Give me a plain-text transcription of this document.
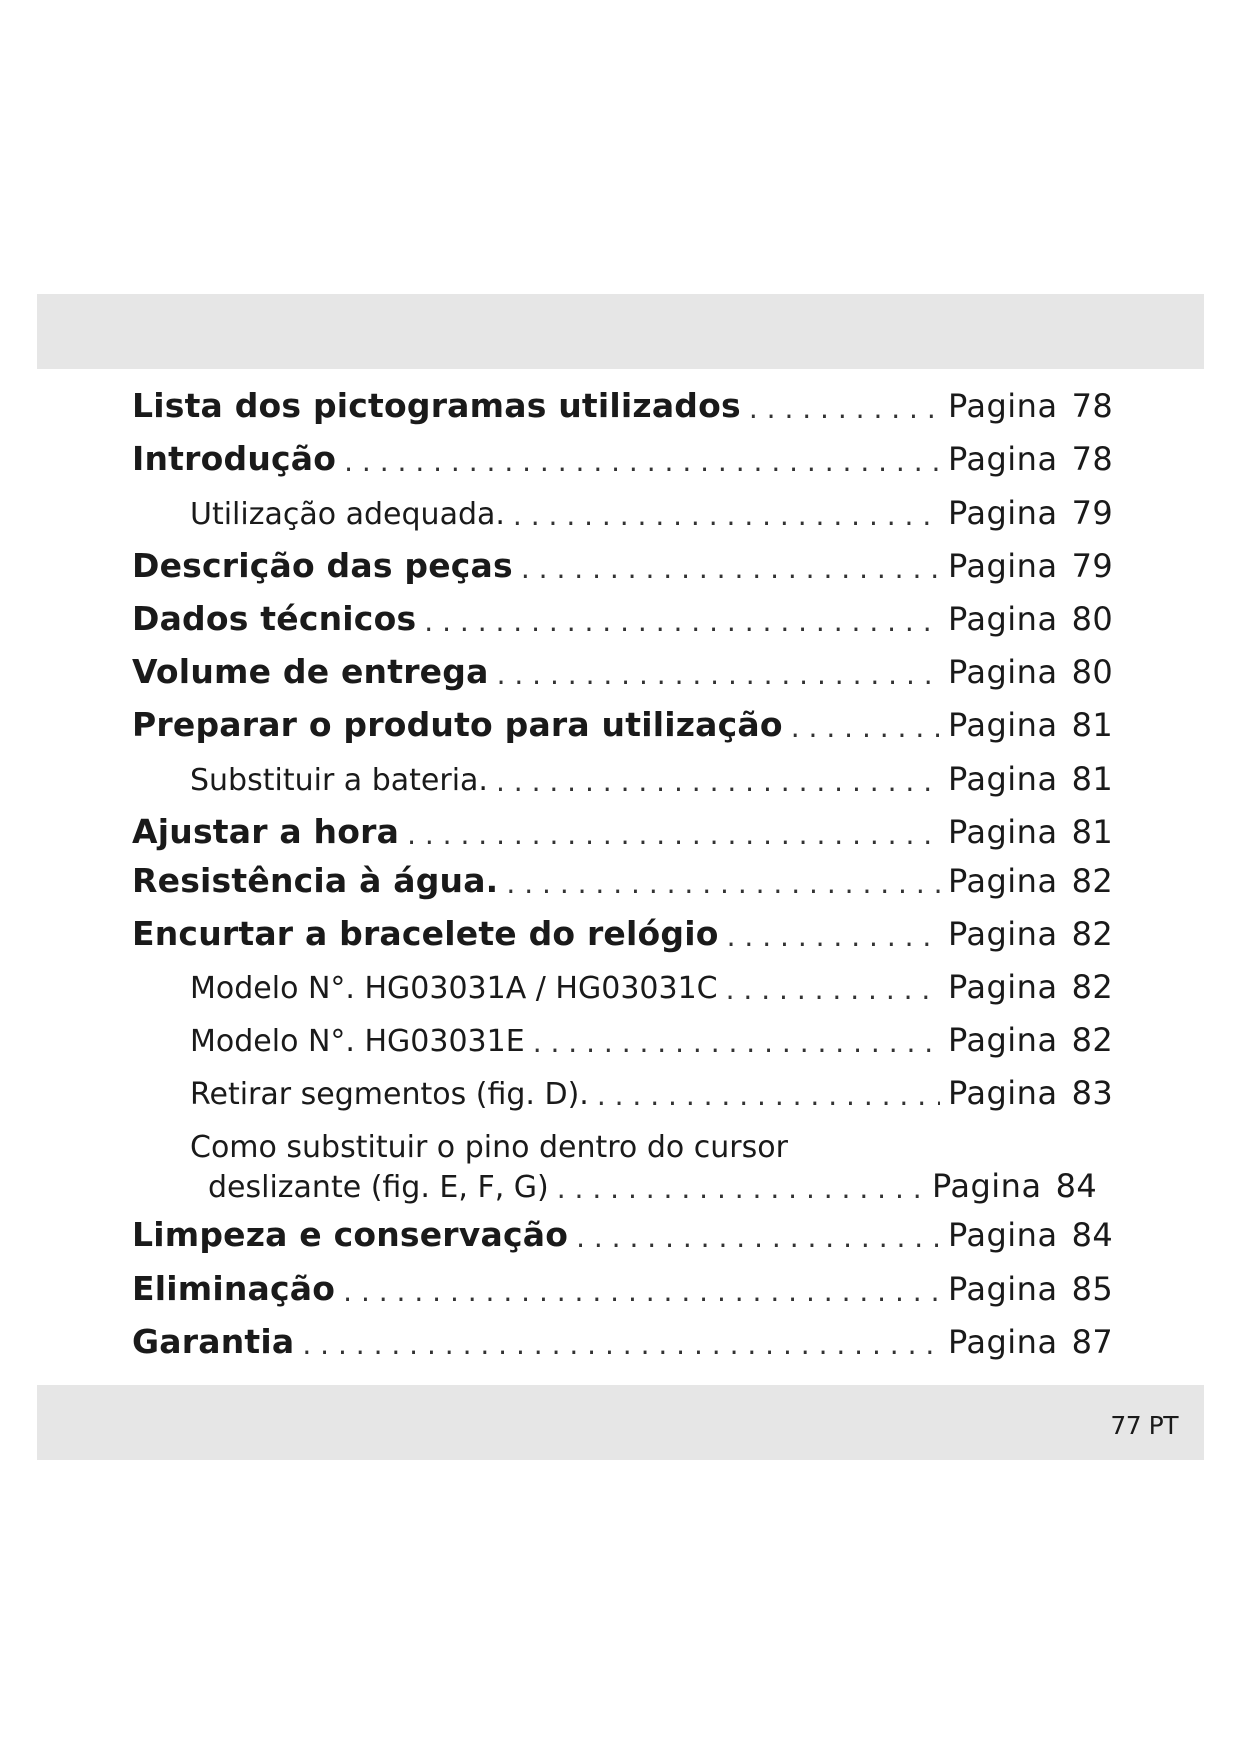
Lista dos pictogramas utilizados . . .	Pagina 78
Introdução . . .	Pagina 78
Utilização adequada. . . .	Pagina 79
Descrição das peças . . .	Pagina 79
Dados técnicos . . .	Pagina 80
Volume de entrega . . .	Pagina 80
Preparar o produto para utilização . . .	Pagina 81
Substituir a bateria. . . .	Pagina 81
Ajustar a hora . . .	Pagina 81
Resistência à água. . . .	Pagina 82
Encurtar a bracelete do relógio . . .	Pagina 82
Modelo N°. HG03031A / HG03031C . . .	Pagina 82
Modelo N°. HG03031E . . .	Pagina 82
Retirar segmentos (fig. D). . . .	Pagina 83
Como substituir o pino dentro do cursor
deslizante (fig. E, F, G) . . .	Pagina 84
Limpeza e conservação . . .	Pagina 84
Eliminação . . .	Pagina 85
Garantia . . .	Pagina 87
77 PT
